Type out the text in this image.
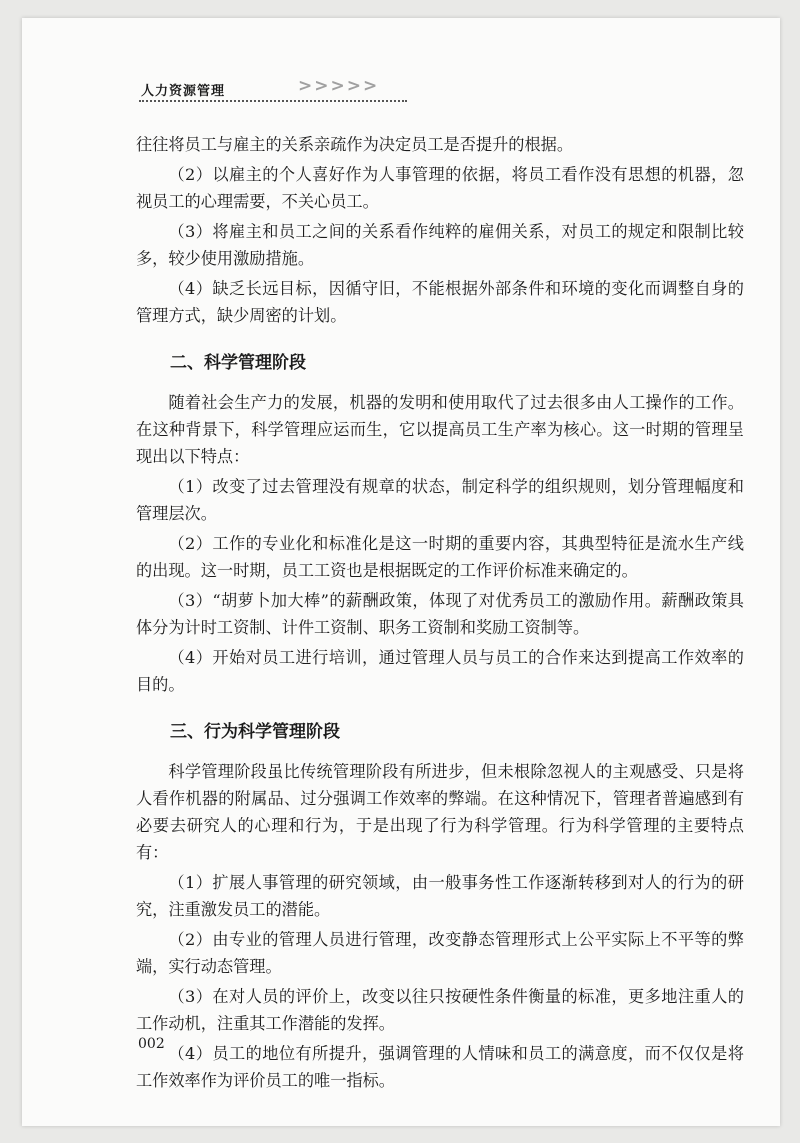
人力资源管理	>>>>>

往往将员工与雇主的关系亲疏作为决定员工是否提升的根据。

（2）以雇主的个人喜好作为人事管理的依据，将员工看作没有思想的机器，忽视员工的心理需要，不关心员工。

（3）将雇主和员工之间的关系看作纯粹的雇佣关系，对员工的规定和限制比较多，较少使用激励措施。

（4）缺乏长远目标，因循守旧，不能根据外部条件和环境的变化而调整自身的管理方式，缺少周密的计划。

二、科学管理阶段

随着社会生产力的发展，机器的发明和使用取代了过去很多由人工操作的工作。在这种背景下，科学管理应运而生，它以提高员工生产率为核心。这一时期的管理呈现出以下特点：

（1）改变了过去管理没有规章的状态，制定科学的组织规则，划分管理幅度和管理层次。

（2）工作的专业化和标准化是这一时期的重要内容，其典型特征是流水生产线的出现。这一时期，员工工资也是根据既定的工作评价标准来确定的。

（3）“胡萝卜加大棒”的薪酬政策，体现了对优秀员工的激励作用。薪酬政策具体分为计时工资制、计件工资制、职务工资制和奖励工资制等。

（4）开始对员工进行培训，通过管理人员与员工的合作来达到提高工作效率的目的。

三、行为科学管理阶段

科学管理阶段虽比传统管理阶段有所进步，但未根除忽视人的主观感受、只是将人看作机器的附属品、过分强调工作效率的弊端。在这种情况下，管理者普遍感到有必要去研究人的心理和行为，于是出现了行为科学管理。行为科学管理的主要特点有：

（1）扩展人事管理的研究领域，由一般事务性工作逐渐转移到对人的行为的研究，注重激发员工的潜能。

（2）由专业的管理人员进行管理，改变静态管理形式上公平实际上不平等的弊端，实行动态管理。

（3）在对人员的评价上，改变以往只按硬性条件衡量的标准，更多地注重人的工作动机，注重其工作潜能的发挥。

（4）员工的地位有所提升，强调管理的人情味和员工的满意度，而不仅仅是将工作效率作为评价员工的唯一指标。

002
